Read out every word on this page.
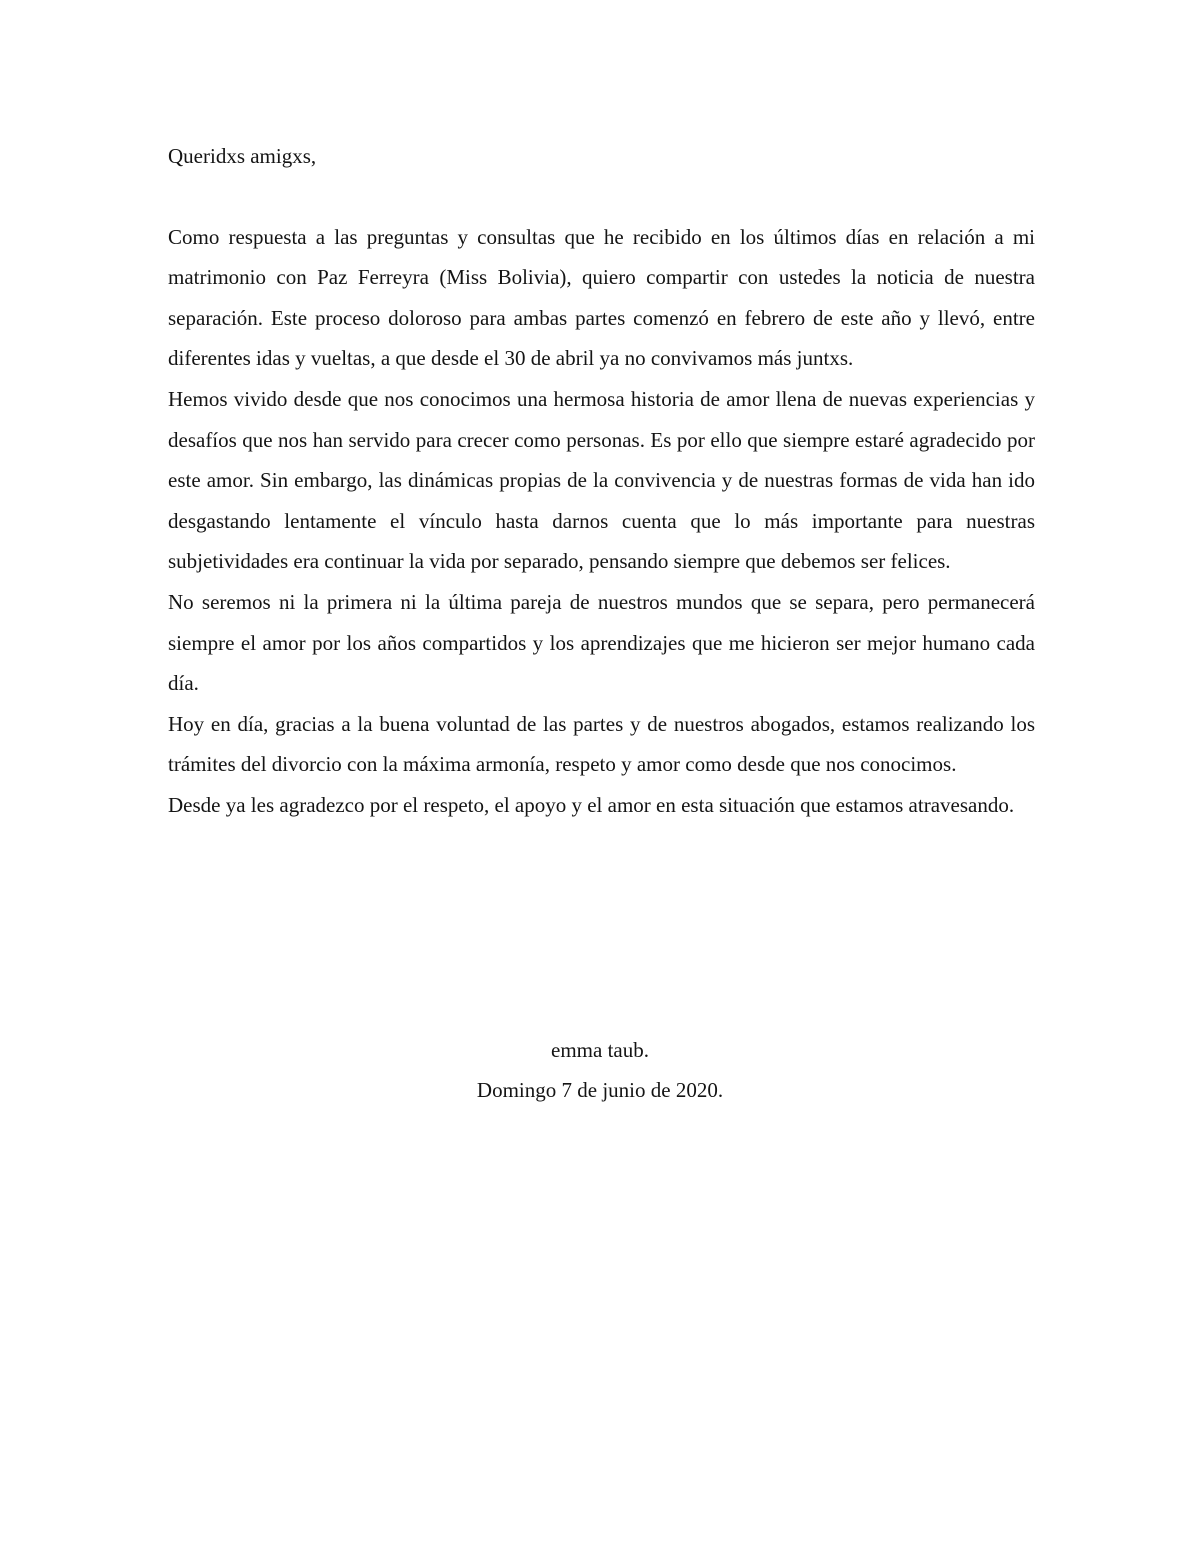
Queridxs amigxs,

Como respuesta a las preguntas y consultas que he recibido en los últimos días en relación a mi matrimonio con Paz Ferreyra (Miss Bolivia), quiero compartir con ustedes la noticia de nuestra separación. Este proceso doloroso para ambas partes comenzó en febrero de este año y llevó, entre diferentes idas y vueltas, a que desde el 30 de abril ya no convivamos más juntxs.

Hemos vivido desde que nos conocimos una hermosa historia de amor llena de nuevas experiencias y desafíos que nos han servido para crecer como personas. Es por ello que siempre estaré agradecido por este amor. Sin embargo, las dinámicas propias de la convivencia y de nuestras formas de vida han ido desgastando lentamente el vínculo hasta darnos cuenta que lo más importante para nuestras subjetividades era continuar la vida por separado, pensando siempre que debemos ser felices.

No seremos ni la primera ni la última pareja de nuestros mundos que se separa, pero permanecerá siempre el amor por los años compartidos y los aprendizajes que me hicieron ser mejor humano cada día.

Hoy en día, gracias a la buena voluntad de las partes y de nuestros abogados, estamos realizando los trámites del divorcio con la máxima armonía, respeto y amor como desde que nos conocimos.

Desde ya les agradezco por el respeto, el apoyo y el amor en esta situación que estamos atravesando.

emma taub.
Domingo 7 de junio de 2020.
